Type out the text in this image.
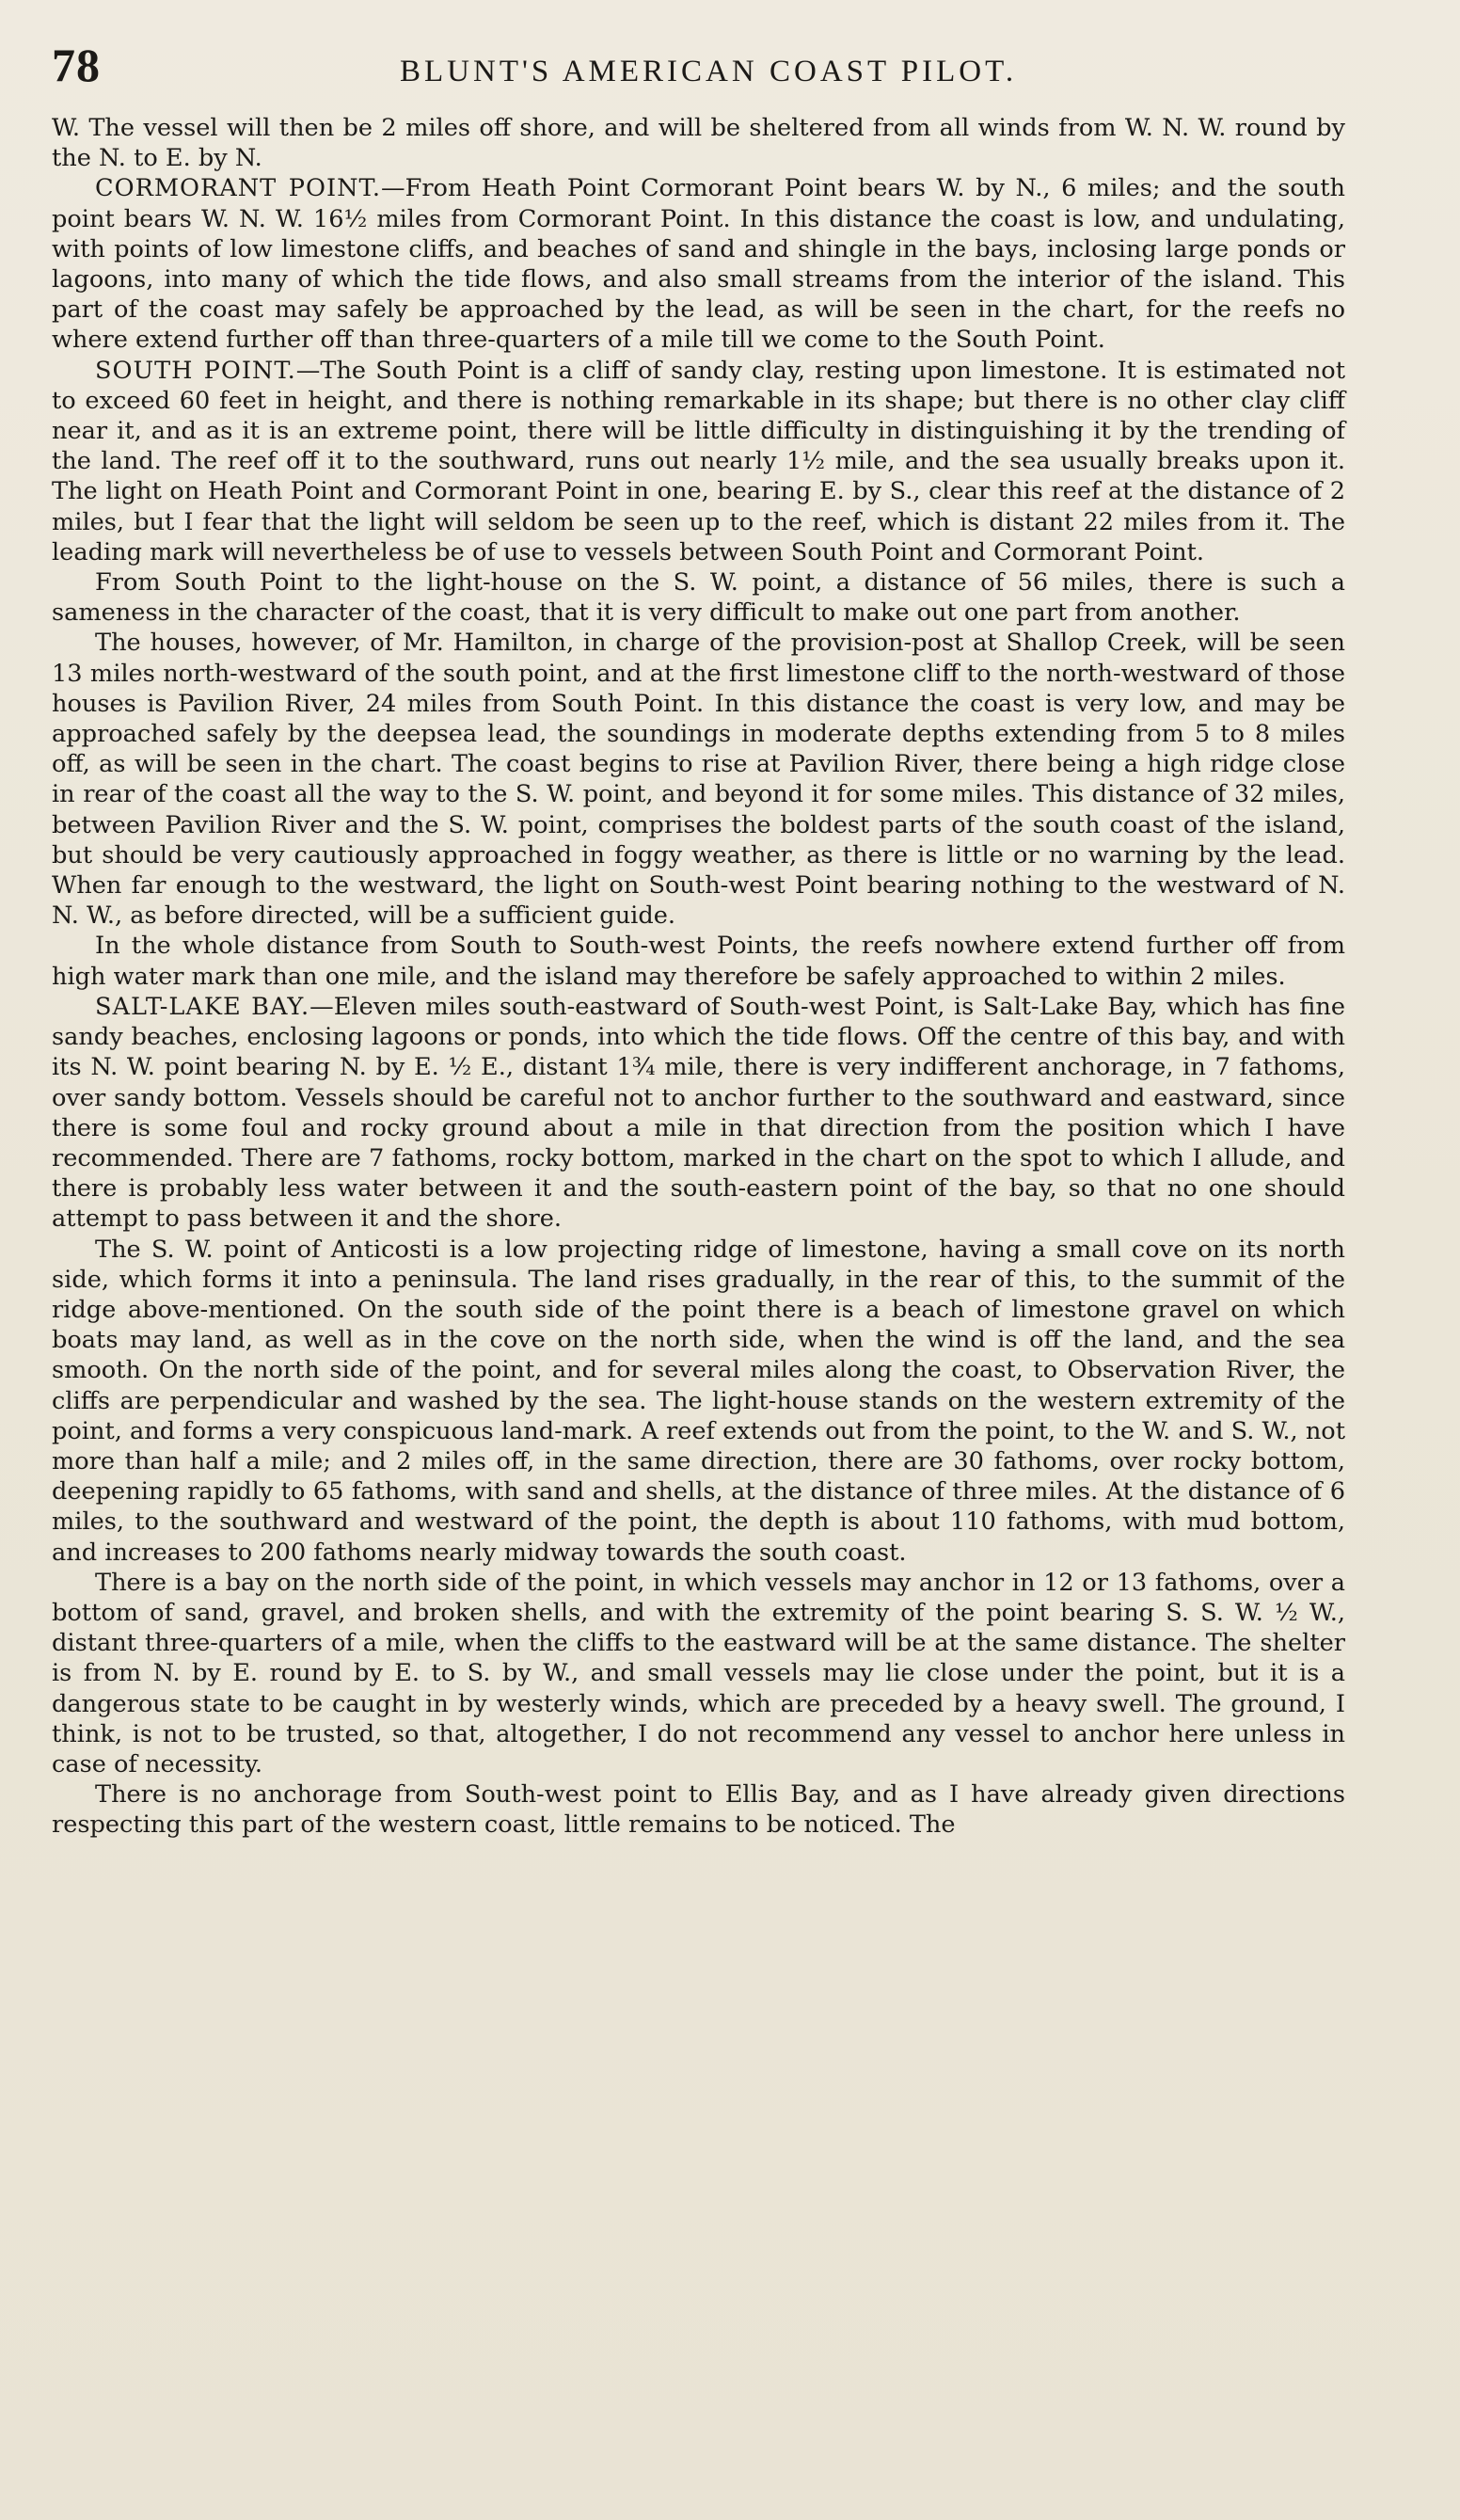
78	BLUNT'S AMERICAN COAST PILOT.

W. The vessel will then be 2 miles off shore, and will be sheltered from all winds from W. N. W. round by the N. to E. by N.

CORMORANT POINT.—From Heath Point Cormorant Point bears W. by N., 6 miles; and the south point bears W. N. W. 16½ miles from Cormorant Point. In this distance the coast is low, and undulating, with points of low limestone cliffs, and beaches of sand and shingle in the bays, inclosing large ponds or lagoons, into many of which the tide flows, and also small streams from the interior of the island. This part of the coast may safely be approached by the lead, as will be seen in the chart, for the reefs no where extend further off than three-quarters of a mile till we come to the South Point.

SOUTH POINT.—The South Point is a cliff of sandy clay, resting upon limestone. It is estimated not to exceed 60 feet in height, and there is nothing remarkable in its shape; but there is no other clay cliff near it, and as it is an extreme point, there will be little difficulty in distinguishing it by the trending of the land. The reef off it to the southward, runs out nearly 1½ mile, and the sea usually breaks upon it. The light on Heath Point and Cormorant Point in one, bearing E. by S., clear this reef at the distance of 2 miles, but I fear that the light will seldom be seen up to the reef, which is distant 22 miles from it. The leading mark will nevertheless be of use to vessels between South Point and Cormorant Point.

From South Point to the light-house on the S. W. point, a distance of 56 miles, there is such a sameness in the character of the coast, that it is very difficult to make out one part from another.

The houses, however, of Mr. Hamilton, in charge of the provision-post at Shallop Creek, will be seen 13 miles north-westward of the south point, and at the first limestone cliff to the north-westward of those houses is Pavilion River, 24 miles from South Point. In this distance the coast is very low, and may be approached safely by the deepsea lead, the soundings in moderate depths extending from 5 to 8 miles off, as will be seen in the chart. The coast begins to rise at Pavilion River, there being a high ridge close in rear of the coast all the way to the S. W. point, and beyond it for some miles. This distance of 32 miles, between Pavilion River and the S. W. point, comprises the boldest parts of the south coast of the island, but should be very cautiously approached in foggy weather, as there is little or no warning by the lead. When far enough to the westward, the light on South-west Point bearing nothing to the westward of N. N. W., as before directed, will be a sufficient guide.

In the whole distance from South to South-west Points, the reefs nowhere extend further off from high water mark than one mile, and the island may therefore be safely approached to within 2 miles.

SALT-LAKE BAY.—Eleven miles south-eastward of South-west Point, is Salt-Lake Bay, which has fine sandy beaches, enclosing lagoons or ponds, into which the tide flows. Off the centre of this bay, and with its N. W. point bearing N. by E. ½ E., distant 1¾ mile, there is very indifferent anchorage, in 7 fathoms, over sandy bottom. Vessels should be careful not to anchor further to the southward and eastward, since there is some foul and rocky ground about a mile in that direction from the position which I have recommended. There are 7 fathoms, rocky bottom, marked in the chart on the spot to which I allude, and there is probably less water between it and the south-eastern point of the bay, so that no one should attempt to pass between it and the shore.

The S. W. point of Anticosti is a low projecting ridge of limestone, having a small cove on its north side, which forms it into a peninsula. The land rises gradually, in the rear of this, to the summit of the ridge above-mentioned. On the south side of the point there is a beach of limestone gravel on which boats may land, as well as in the cove on the north side, when the wind is off the land, and the sea smooth. On the north side of the point, and for several miles along the coast, to Observation River, the cliffs are perpendicular and washed by the sea. The light-house stands on the western extremity of the point, and forms a very conspicuous land-mark. A reef extends out from the point, to the W. and S. W., not more than half a mile; and 2 miles off, in the same direction, there are 30 fathoms, over rocky bottom, deepening rapidly to 65 fathoms, with sand and shells, at the distance of three miles. At the distance of 6 miles, to the southward and westward of the point, the depth is about 110 fathoms, with mud bottom, and increases to 200 fathoms nearly midway towards the south coast.

There is a bay on the north side of the point, in which vessels may anchor in 12 or 13 fathoms, over a bottom of sand, gravel, and broken shells, and with the extremity of the point bearing S. S. W. ½ W., distant three-quarters of a mile, when the cliffs to the eastward will be at the same distance. The shelter is from N. by E. round by E. to S. by W., and small vessels may lie close under the point, but it is a dangerous state to be caught in by westerly winds, which are preceded by a heavy swell. The ground, I think, is not to be trusted, so that, altogether, I do not recommend any vessel to anchor here unless in case of necessity.

There is no anchorage from South-west point to Ellis Bay, and as I have already given directions respecting this part of the western coast, little remains to be noticed. The
